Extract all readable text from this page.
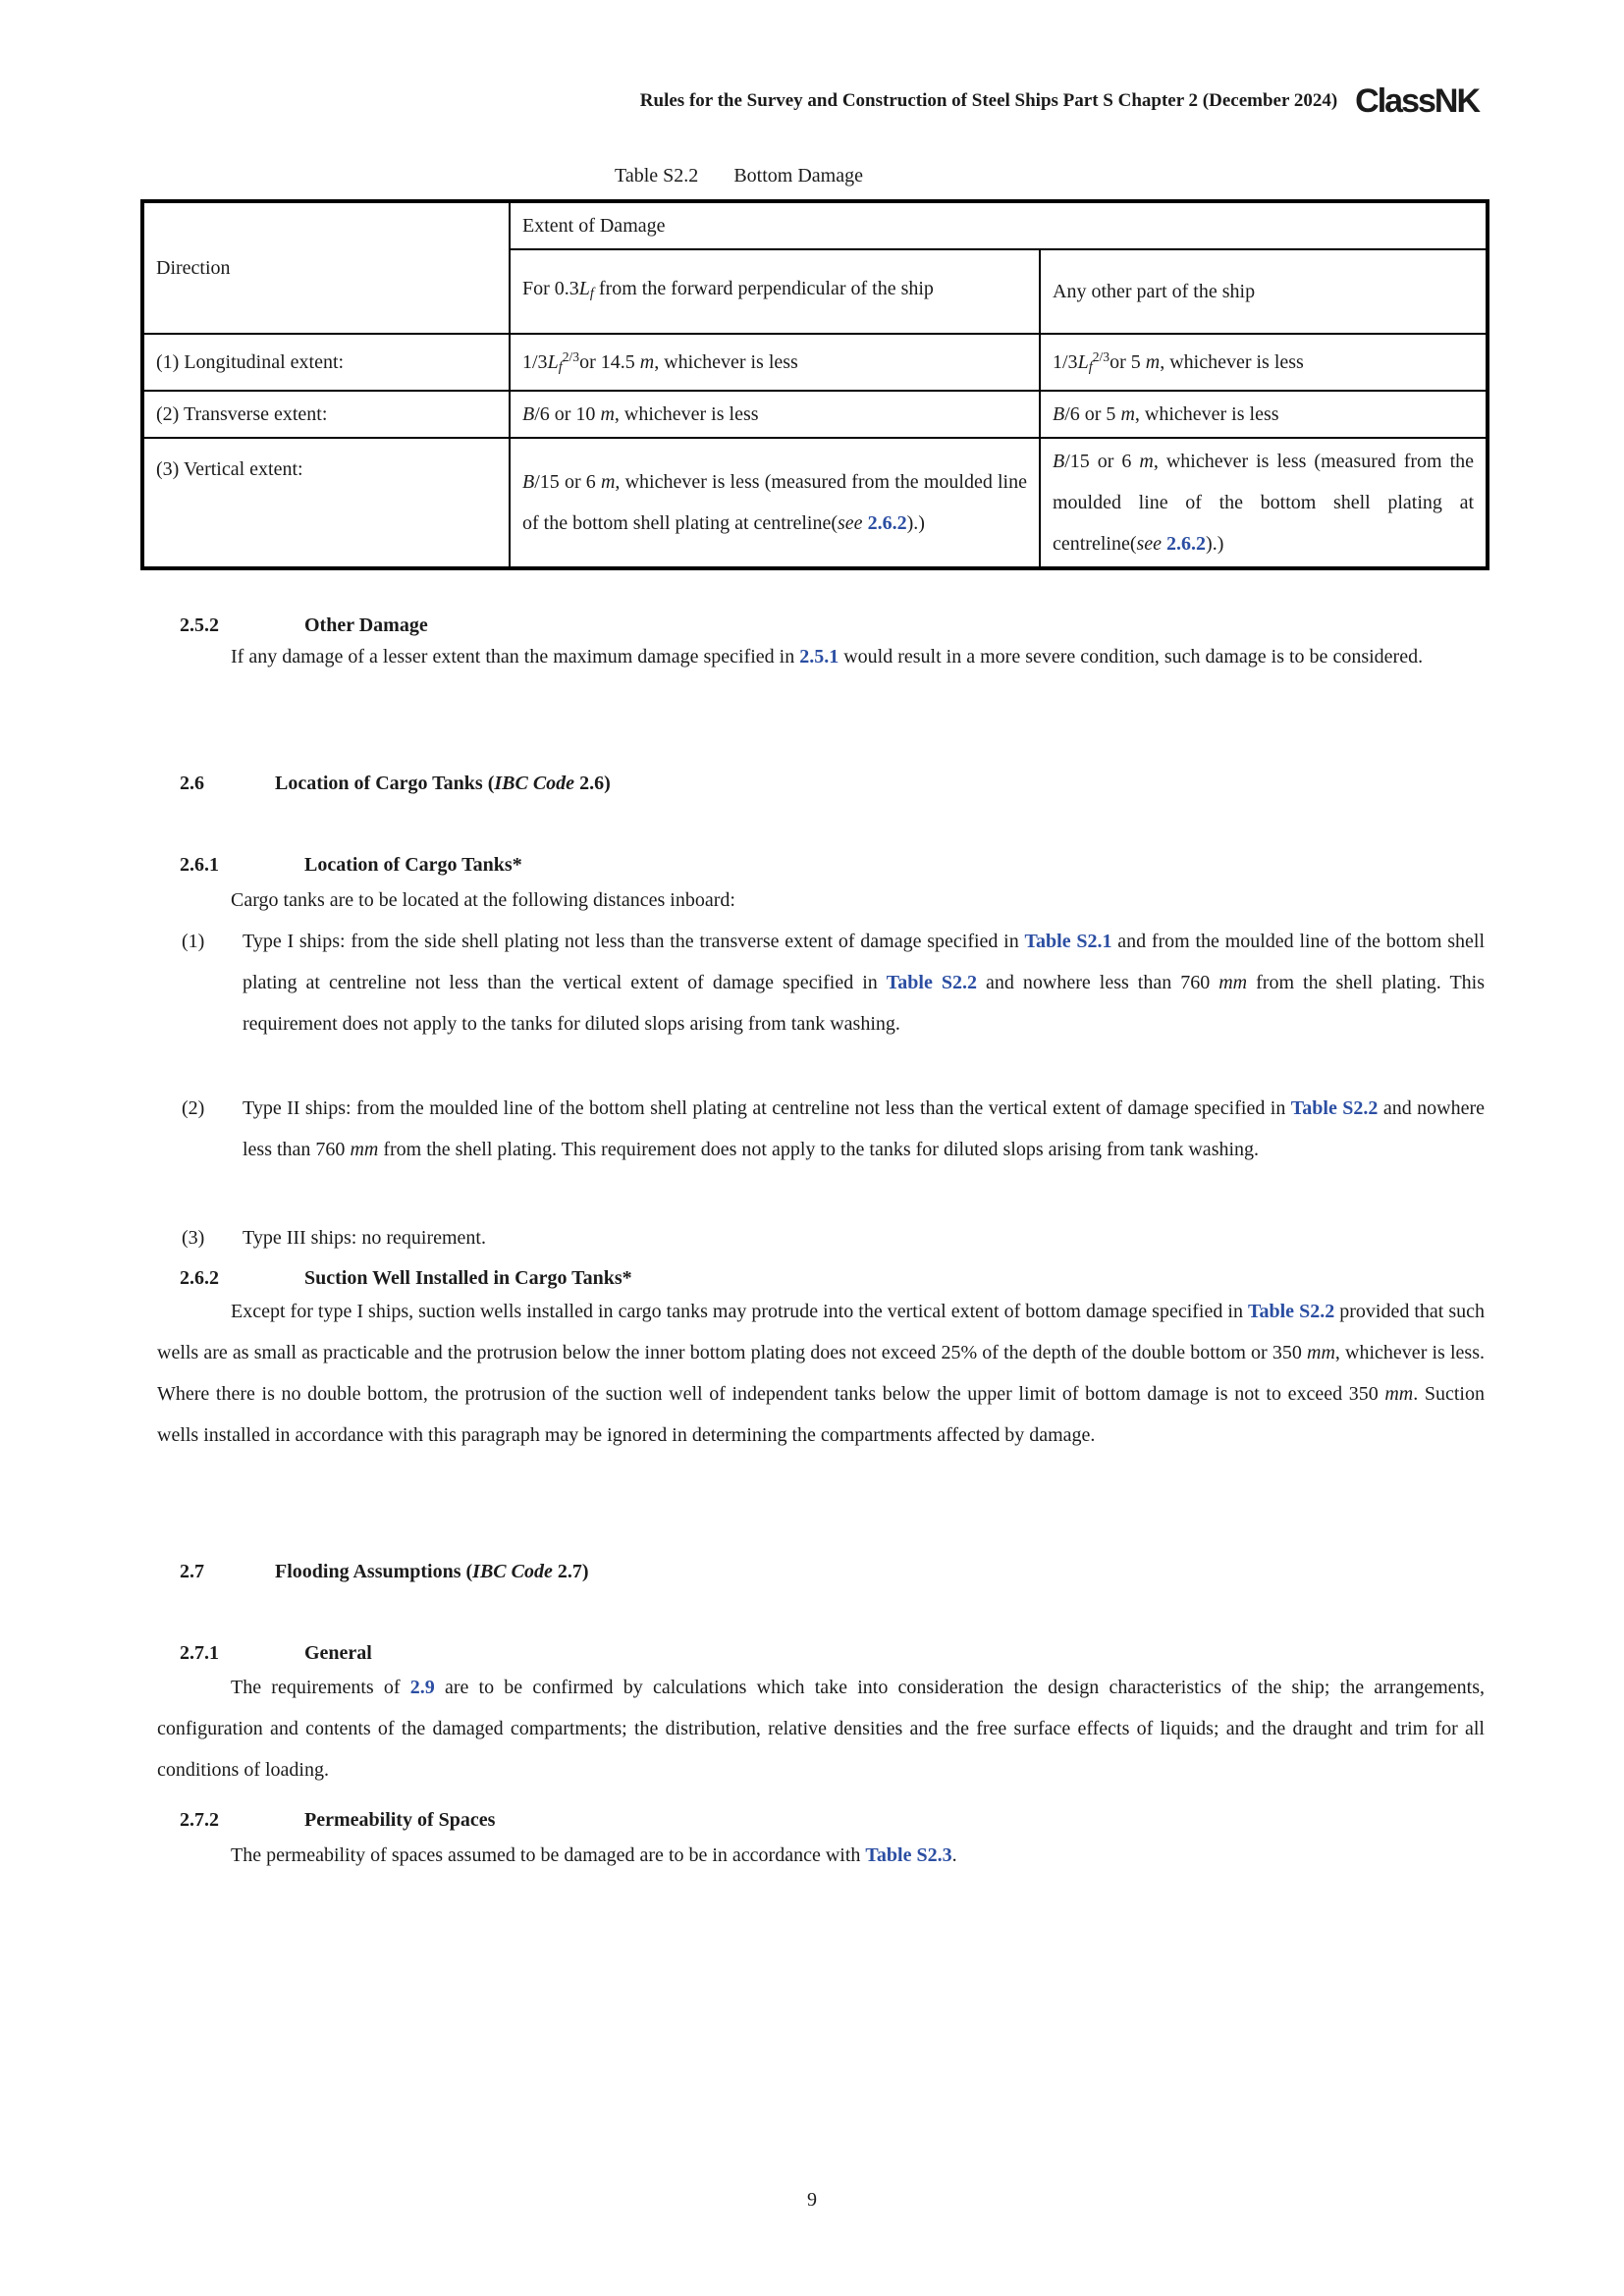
Rules for the Survey and Construction of Steel Ships Part S Chapter 2 (December 2024) ClassNK
Table S2.2 Bottom Damage
Direction	Extent of Damage	
	For 0.3Lf from the forward perpendicular of the ship	Any other part of the ship
(1) Longitudinal extent:	$1/3Lf^{2/3}or$ 14.5 m, whichever is less	$1/3Lf^{2/3}or$ 5 m, whichever is less
(2) Transverse extent:	B/6 or 10 m, whichever is less	B/6 or 5 m, whichever is less
(3) Vertical extent:	B/15 or 6 m, whichever is less (measured from the moulded line of the bottom shell plating at centreline(see 2.6.2).)	B/15 or 6 m, whichever is less (measured from the moulded line of the bottom shell plating at centreline(see 2.6.2).)
2.5.2	Other Damage
If any damage of a lesser extent than the maximum damage specified in 2.5.1 would result in a more severe condition, such damage is to be considered.
2.6	Location of Cargo Tanks (IBC Code 2.6)
2.6.1	Location of Cargo Tanks*
Cargo tanks are to be located at the following distances inboard:
(1)	Type I ships: from the side shell plating not less than the transverse extent of damage specified in Table S2.1 and from the moulded line of the bottom shell plating at centreline not less than the vertical extent of damage specified in Table S2.2 and nowhere less than 760 mm from the shell plating. This requirement does not apply to the tanks for diluted slops arising from tank washing.
(2)	Type II ships: from the moulded line of the bottom shell plating at centreline not less than the vertical extent of damage specified in Table S2.2 and nowhere less than 760 mm from the shell plating. This requirement does not apply to the tanks for diluted slops arising from tank washing.
(3)	Type III ships: no requirement.
2.6.2	Suction Well Installed in Cargo Tanks*
Except for type I ships, suction wells installed in cargo tanks may protrude into the vertical extent of bottom damage specified in Table S2.2 provided that such wells are as small as practicable and the protrusion below the inner bottom plating does not exceed 25% of the depth of the double bottom or 350 mm, whichever is less. Where there is no double bottom, the protrusion of the suction well of independent tanks below the upper limit of bottom damage is not to exceed 350 mm. Suction wells installed in accordance with this paragraph may be ignored in determining the compartments affected by damage.
2.7	Flooding Assumptions (IBC Code 2.7)
2.7.1	General
The requirements of 2.9 are to be confirmed by calculations which take into consideration the design characteristics of the ship; the arrangements, configuration and contents of the damaged compartments; the distribution, relative densities and the free surface effects of liquids; and the draught and trim for all conditions of loading.
2.7.2	Permeability of Spaces
The permeability of spaces assumed to be damaged are to be in accordance with Table S2.3.
9
